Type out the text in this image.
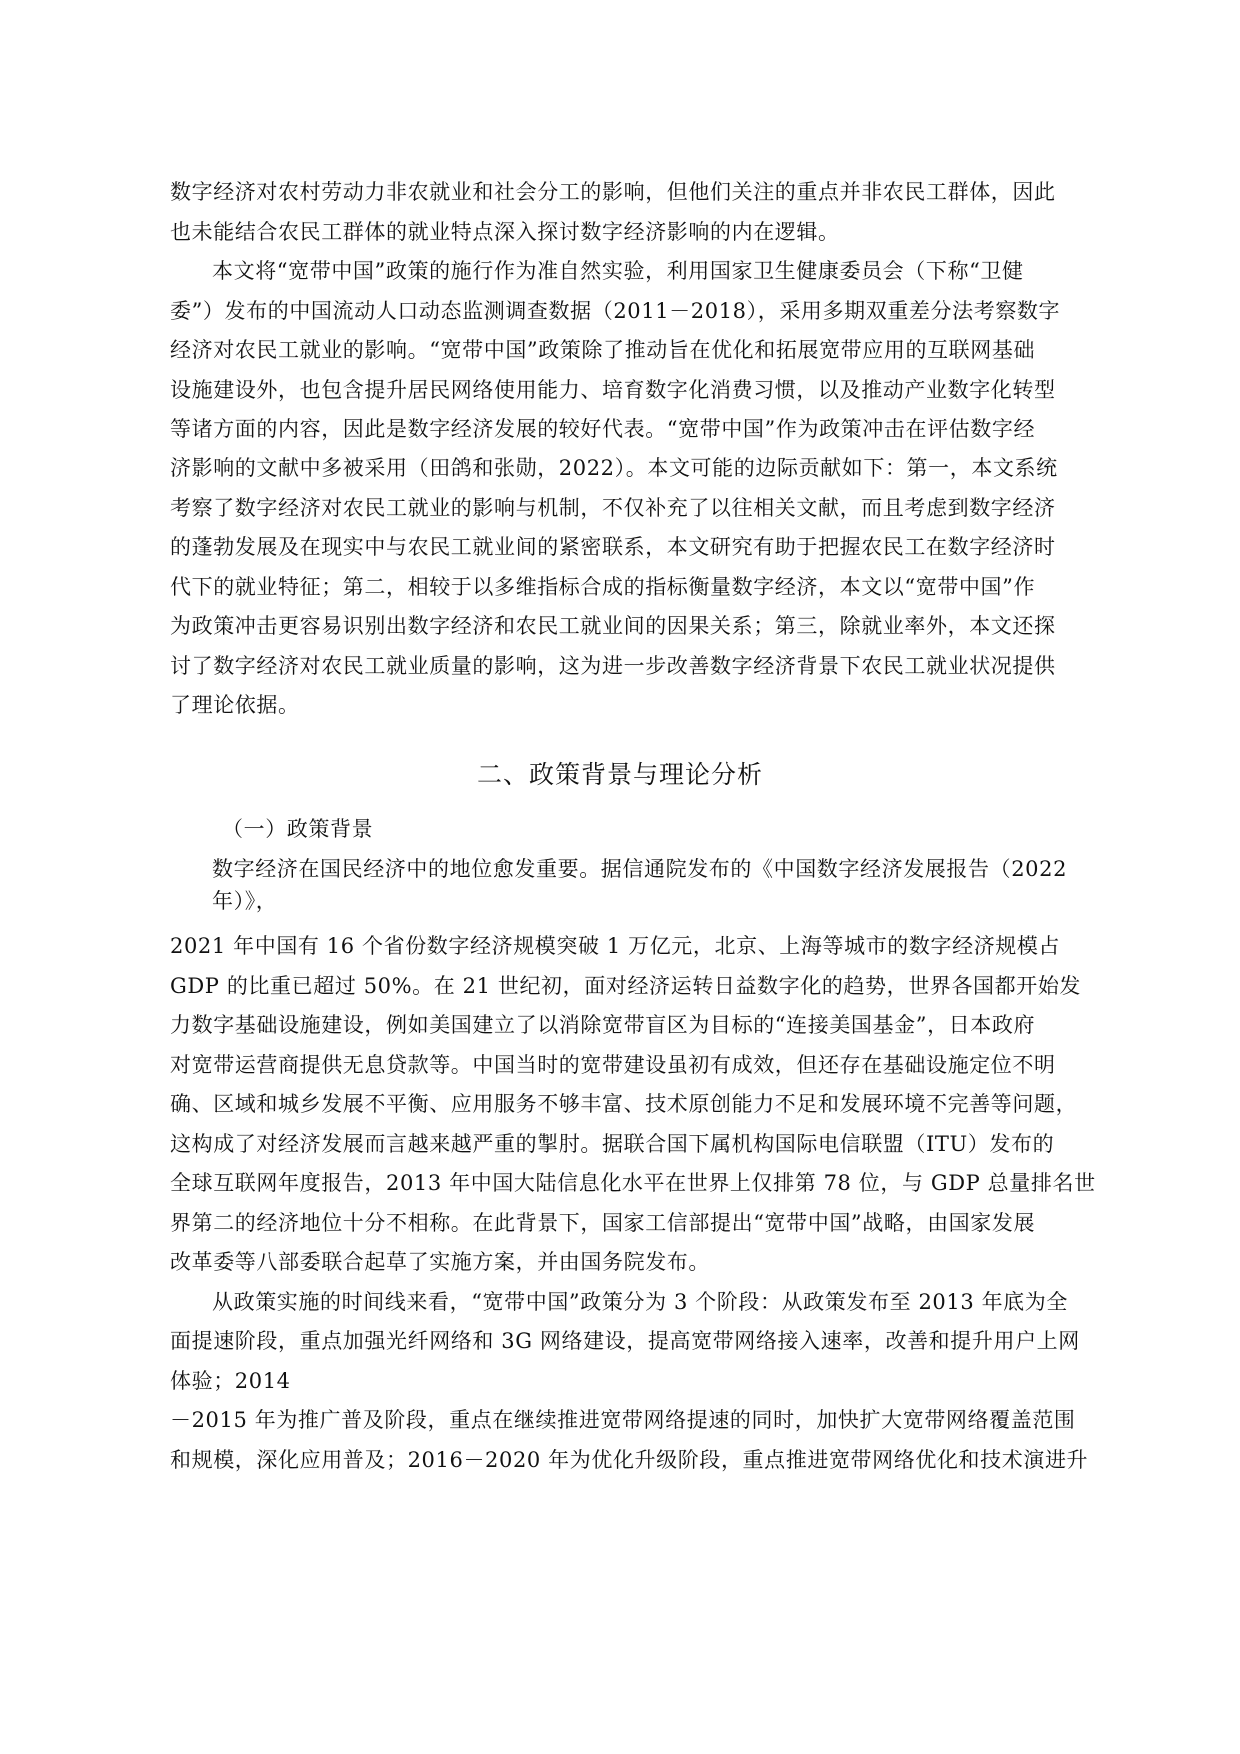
数字经济对农村劳动力非农就业和社会分工的影响，但他们关注的重点并非农民工群体，因此
也未能结合农民工群体的就业特点深入探讨数字经济影响的内在逻辑。
本文将“宽带中国”政策的施行作为准自然实验，利用国家卫生健康委员会（下称“卫健
委”）发布的中国流动人口动态监测调查数据（2011－2018），采用多期双重差分法考察数字
经济对农民工就业的影响。“宽带中国”政策除了推动旨在优化和拓展宽带应用的互联网基础
设施建设外，也包含提升居民网络使用能力、培育数字化消费习惯，以及推动产业数字化转型
等诸方面的内容，因此是数字经济发展的较好代表。“宽带中国”作为政策冲击在评估数字经
济影响的文献中多被采用（田鸽和张勋，2022）。本文可能的边际贡献如下：第一，本文系统
考察了数字经济对农民工就业的影响与机制，不仅补充了以往相关文献，而且考虑到数字经济
的蓬勃发展及在现实中与农民工就业间的紧密联系，本文研究有助于把握农民工在数字经济时
代下的就业特征；第二，相较于以多维指标合成的指标衡量数字经济，本文以“宽带中国”作
为政策冲击更容易识别出数字经济和农民工就业间的因果关系；第三，除就业率外，本文还探
讨了数字经济对农民工就业质量的影响，这为进一步改善数字经济背景下农民工就业状况提供
了理论依据。
二、政策背景与理论分析
（一）政策背景
数字经济在国民经济中的地位愈发重要。据信通院发布的《中国数字经济发展报告（2022
年）》，
2021 年中国有 16 个省份数字经济规模突破 1 万亿元，北京、上海等城市的数字经济规模占
GDP 的比重已超过 50%。在 21 世纪初，面对经济运转日益数字化的趋势，世界各国都开始发
力数字基础设施建设，例如美国建立了以消除宽带盲区为目标的“连接美国基金”，日本政府
对宽带运营商提供无息贷款等。中国当时的宽带建设虽初有成效，但还存在基础设施定位不明
确、区域和城乡发展不平衡、应用服务不够丰富、技术原创能力不足和发展环境不完善等问题，
这构成了对经济发展而言越来越严重的掣肘。据联合国下属机构国际电信联盟（ITU）发布的
全球互联网年度报告，2013 年中国大陆信息化水平在世界上仅排第 78 位，与 GDP 总量排名世
界第二的经济地位十分不相称。在此背景下，国家工信部提出“宽带中国”战略，由国家发展
改革委等八部委联合起草了实施方案，并由国务院发布。
从政策实施的时间线来看，“宽带中国”政策分为 3 个阶段：从政策发布至 2013 年底为全
面提速阶段，重点加强光纤网络和 3G 网络建设，提高宽带网络接入速率，改善和提升用户上网
体验；2014
－2015 年为推广普及阶段，重点在继续推进宽带网络提速的同时，加快扩大宽带网络覆盖范围
和规模，深化应用普及；2016－2020 年为优化升级阶段，重点推进宽带网络优化和技术演进升
